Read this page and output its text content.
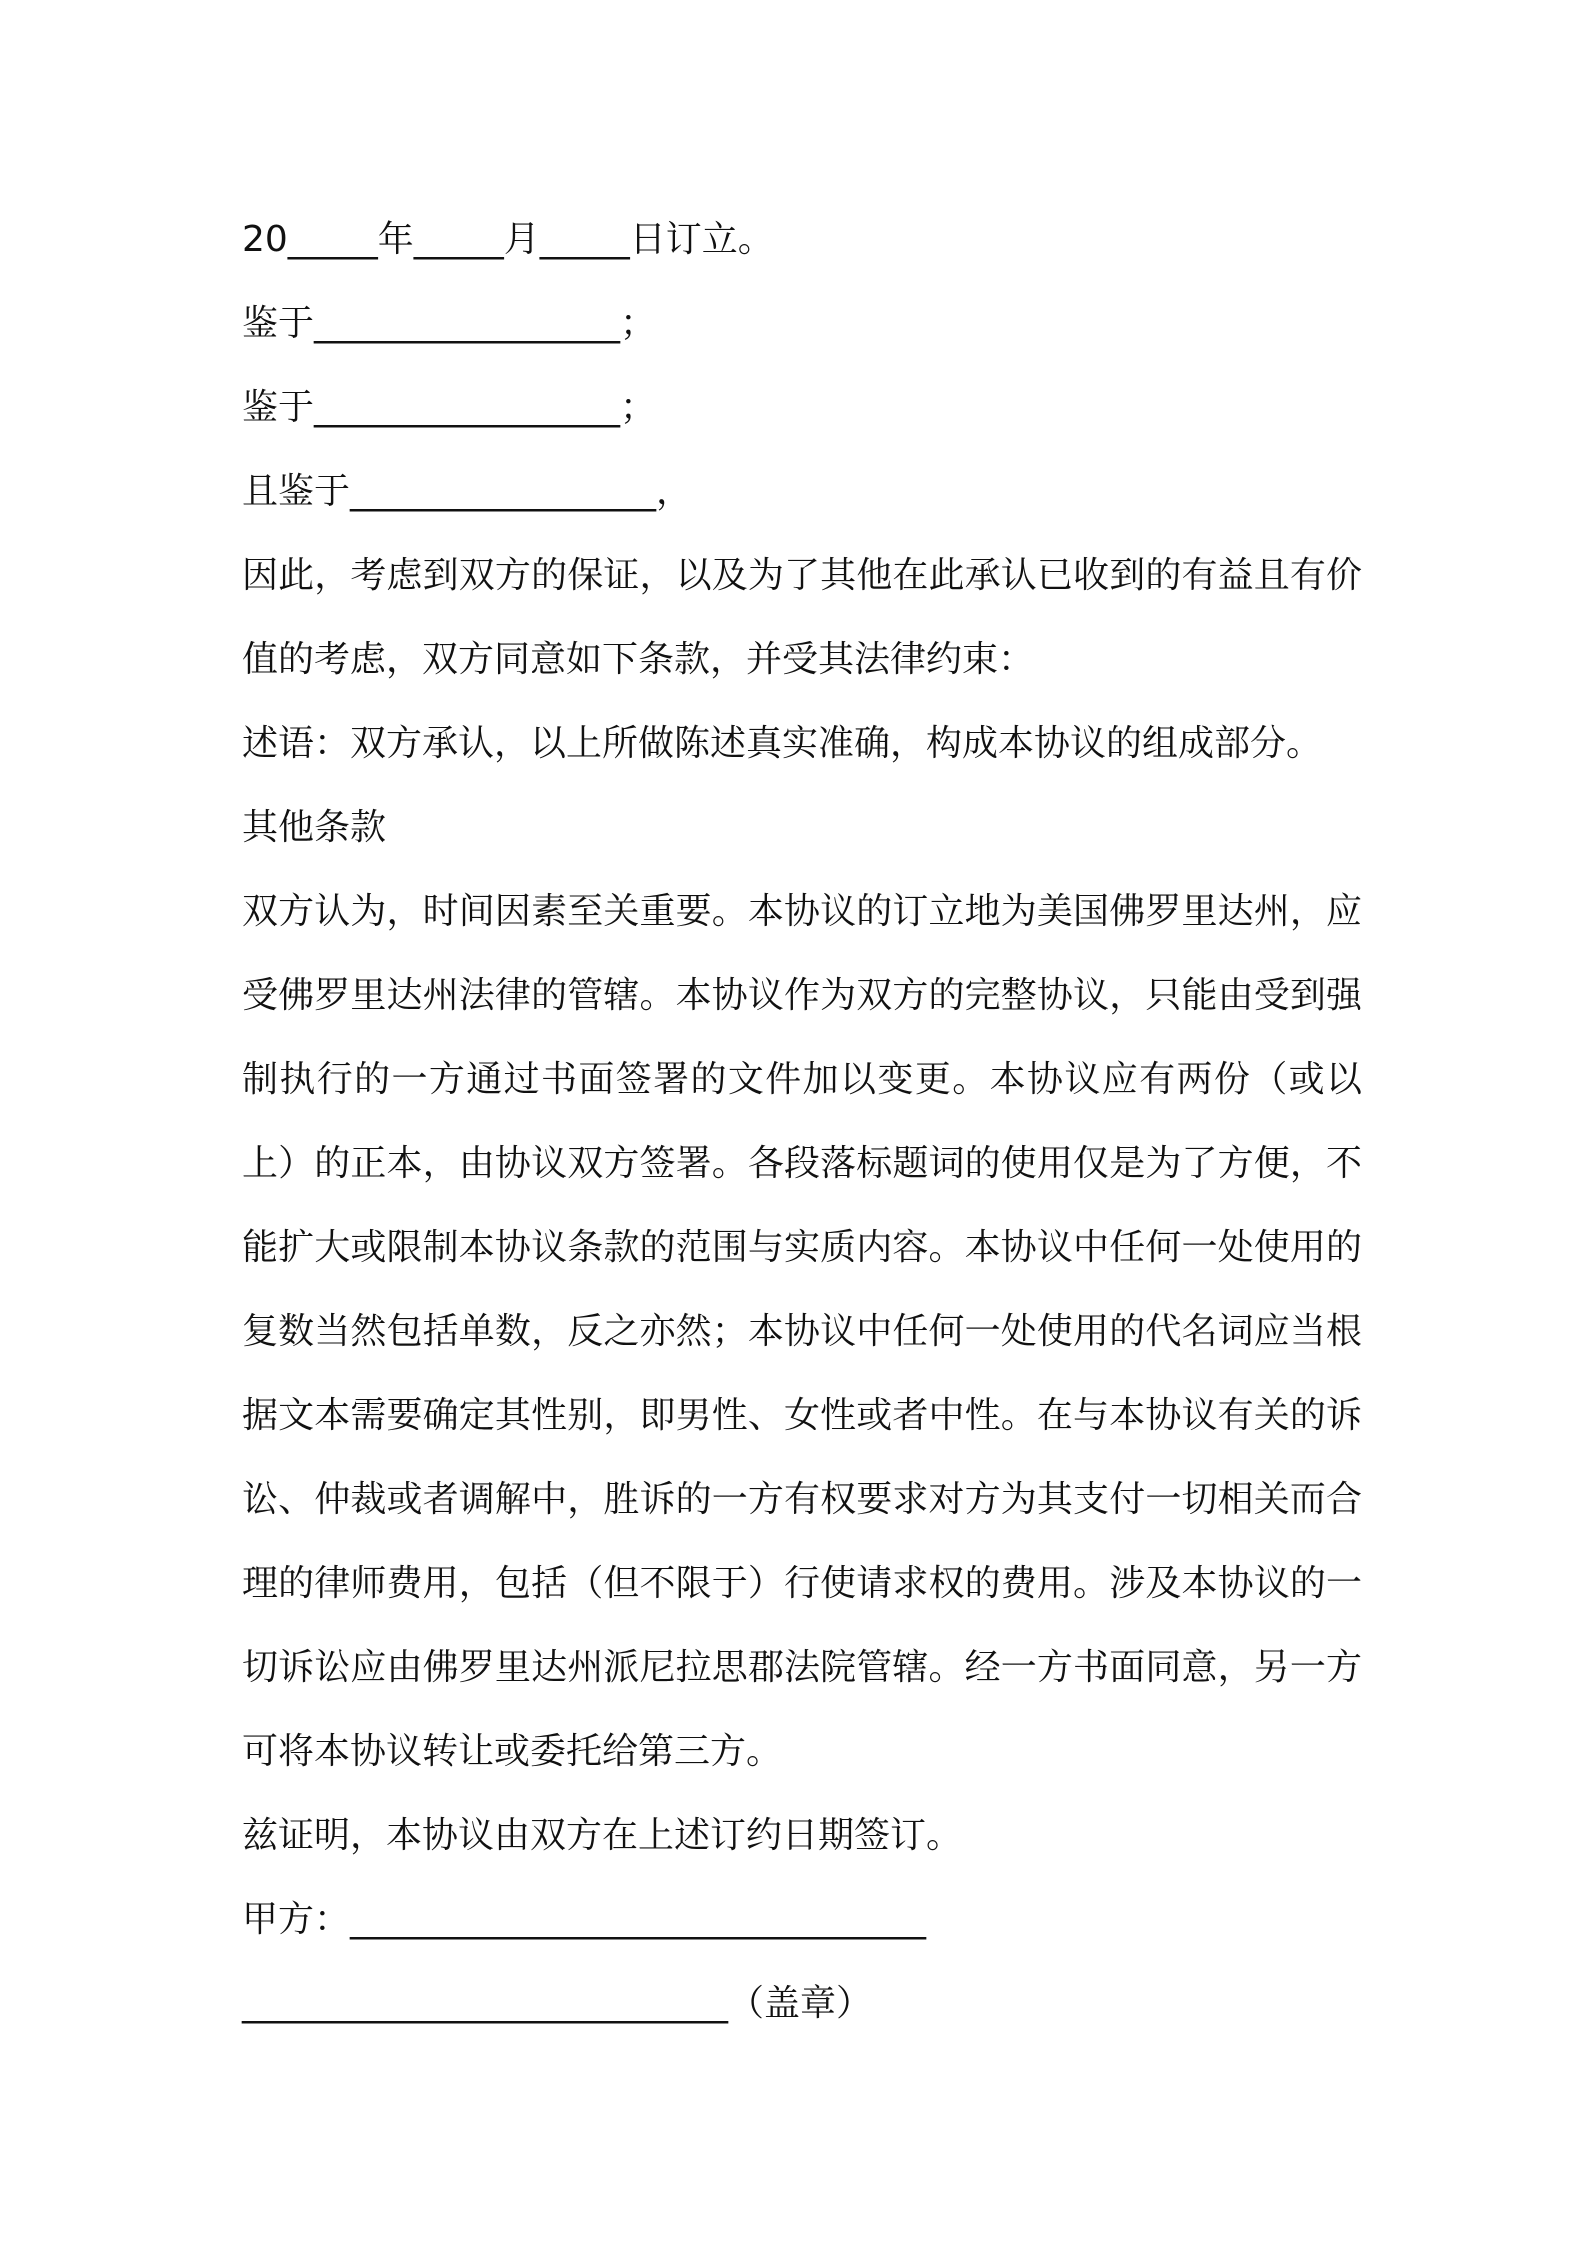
20_____年_____月_____日订立。
鉴于_________________；
鉴于_________________；
且鉴于_________________，
因此，考虑到双方的保证，以及为了其他在此承认已收到的有益且有价值的考虑，双方同意如下条款，并受其法律约束：
述语：双方承认，以上所做陈述真实准确，构成本协议的组成部分。
其他条款
双方认为，时间因素至关重要。本协议的订立地为美国佛罗里达州，应受佛罗里达州法律的管辖。本协议作为双方的完整协议，只能由受到强制执行的一方通过书面签署的文件加以变更。本协议应有两份（或以上）的正本，由协议双方签署。各段落标题词的使用仅是为了方便，不能扩大或限制本协议条款的范围与实质内容。本协议中任何一处使用的复数当然包括单数，反之亦然；本协议中任何一处使用的代名词应当根据文本需要确定其性别，即男性、女性或者中性。在与本协议有关的诉讼、仲裁或者调解中，胜诉的一方有权要求对方为其支付一切相关而合理的律师费用，包括（但不限于）行使请求权的费用。涉及本协议的一切诉讼应由佛罗里达州派尼拉思郡法院管辖。经一方书面同意，另一方可将本协议转让或委托给第三方。
兹证明，本协议由双方在上述订约日期签订。
甲方：________________________________
___________________________（盖章）
